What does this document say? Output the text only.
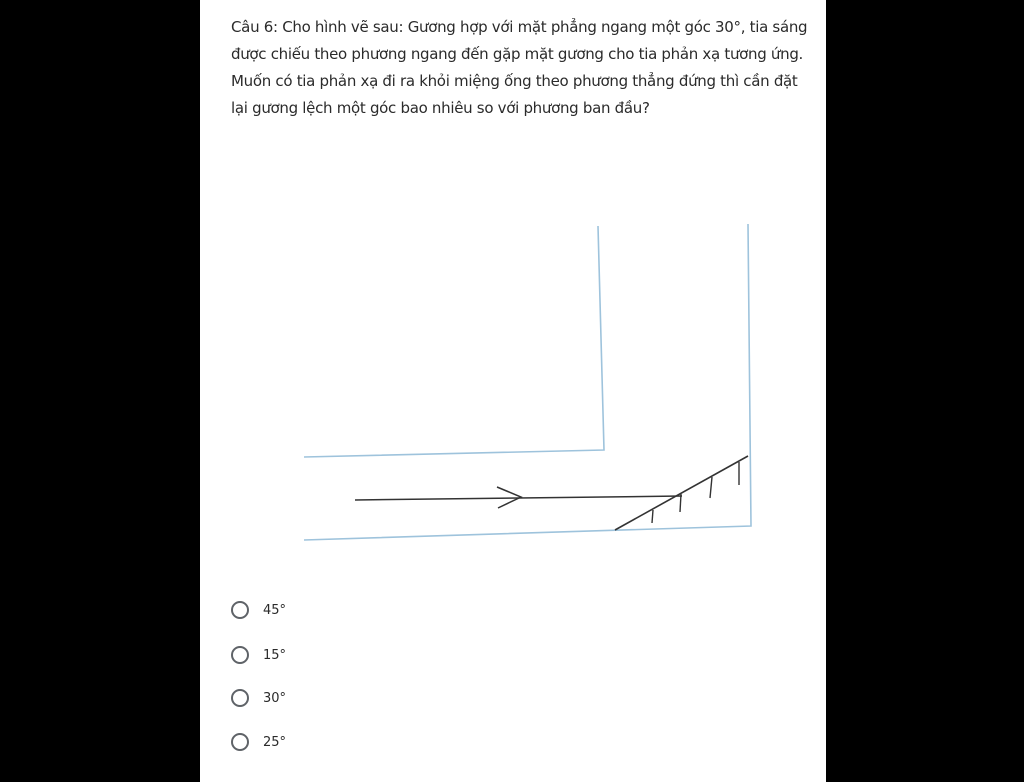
Câu 6: Cho hình vẽ sau: Gương hợp với mặt phẳng ngang một góc 30°, tia sáng được chiếu theo phương ngang đến gặp mặt gương cho tia phản xạ tương ứng. Muốn có tia phản xạ đi ra khỏi miệng ống theo phương thẳng đứng thì cần đặt lại gương lệch một góc bao nhiêu so với phương ban đầu?

45°
15°
30°
25°
